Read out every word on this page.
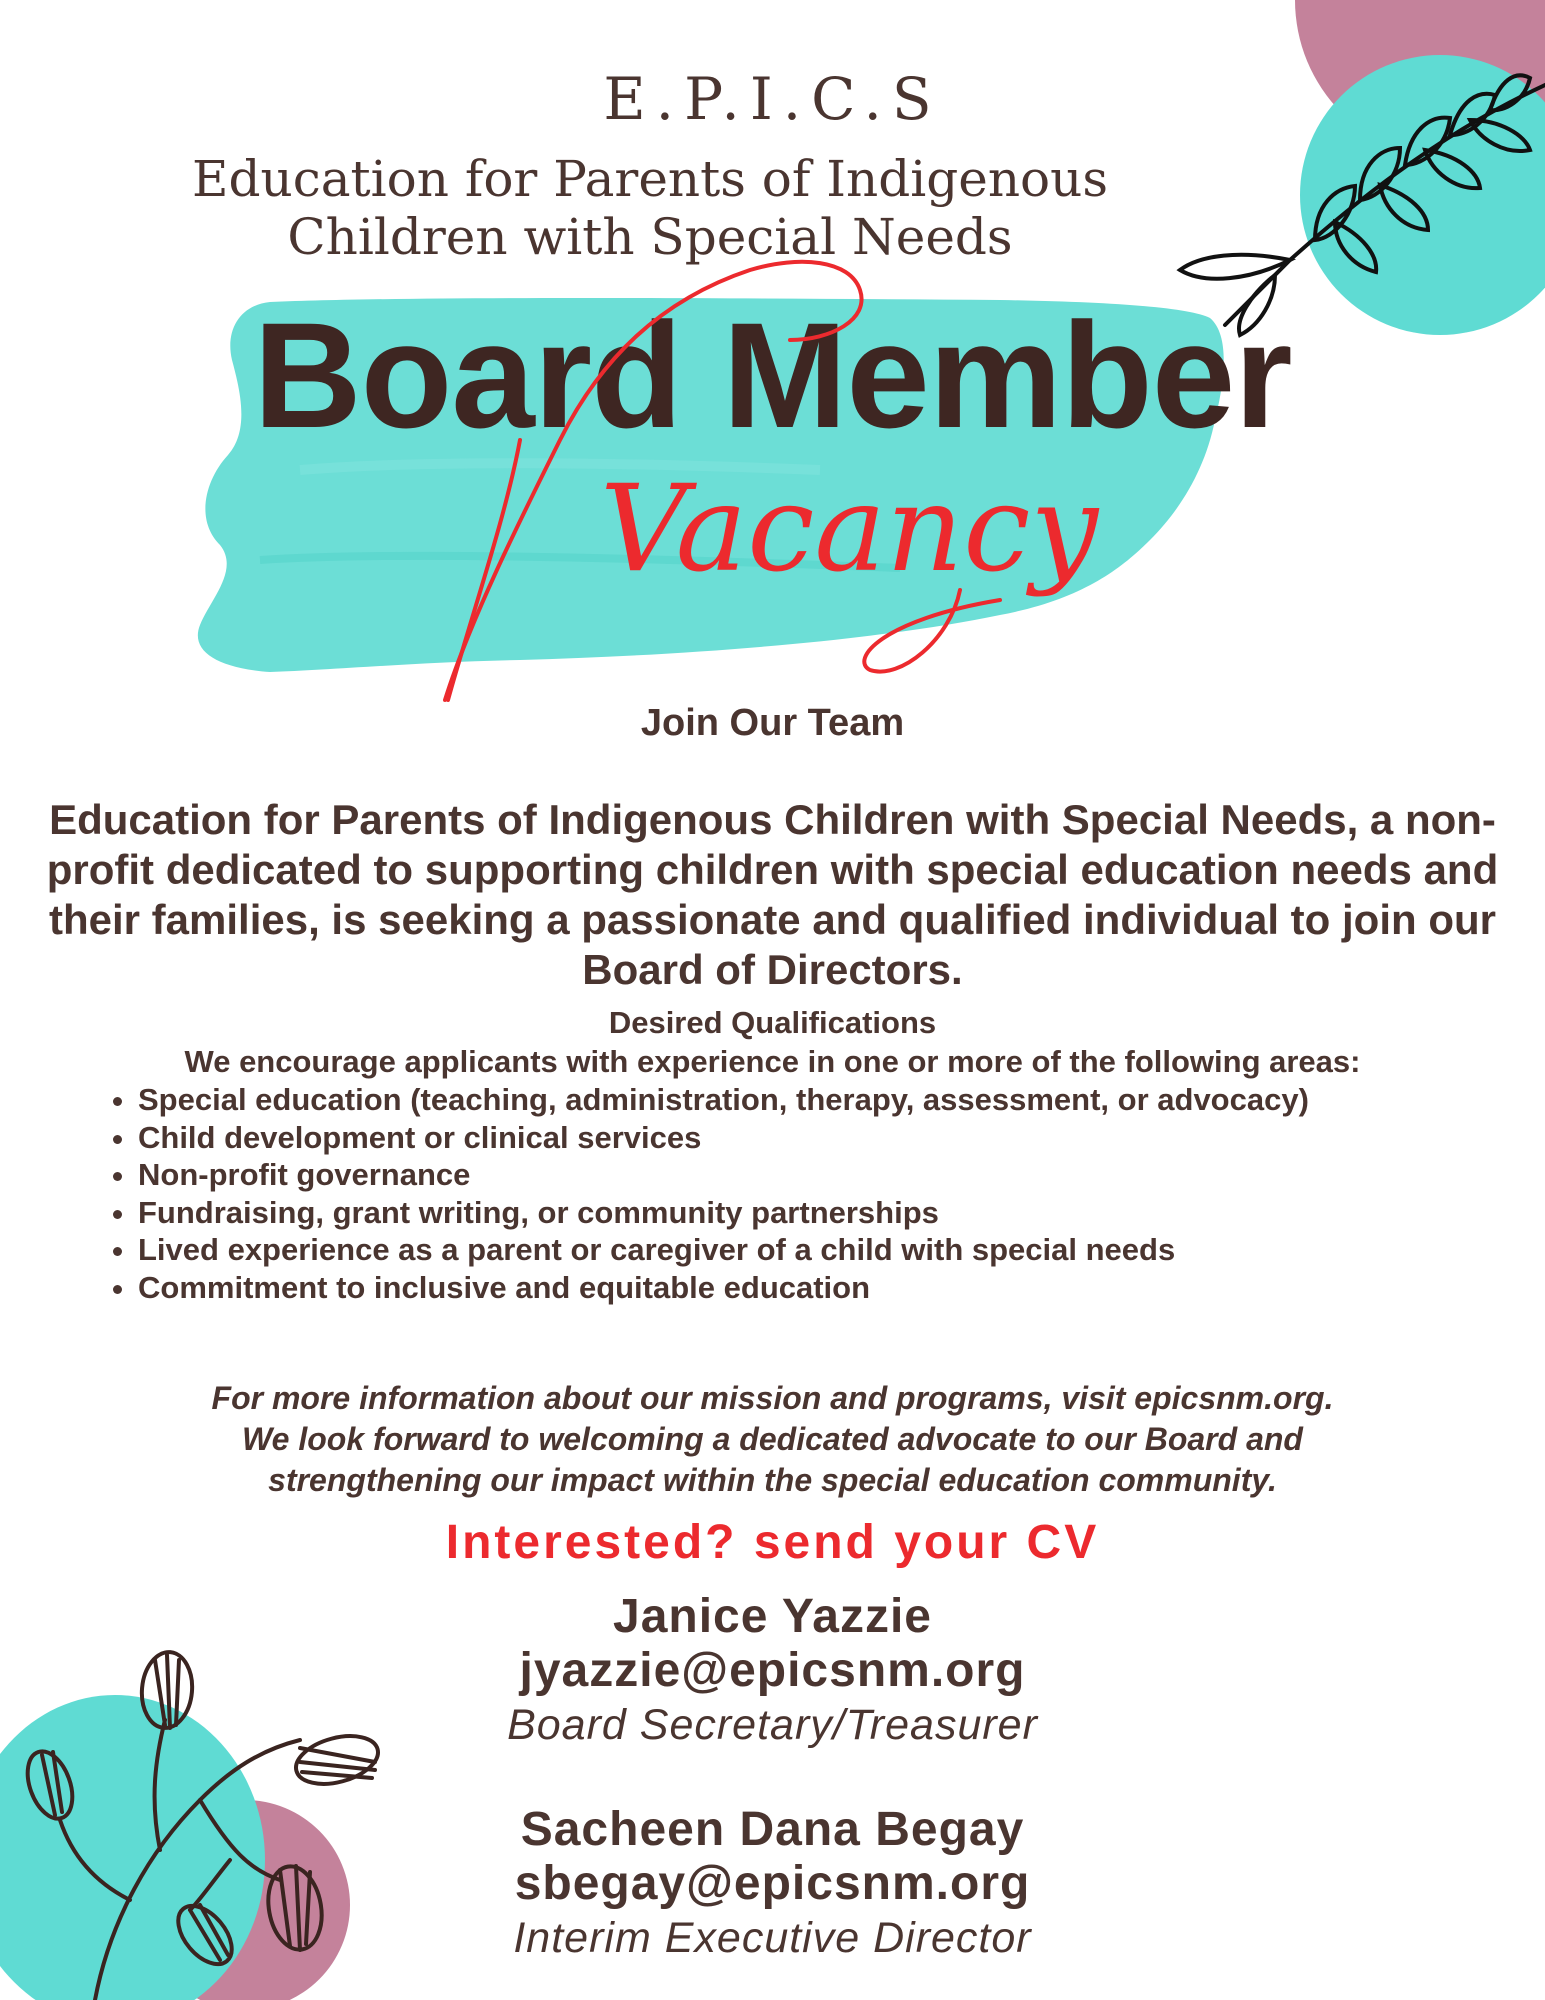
E.P.I.C.S
Education for Parents of Indigenous
Children with Special Needs
Board Member
Vacancy
Join Our Team
Education for Parents of Indigenous Children with Special Needs, a non-profit dedicated to supporting children with special education needs and their families, is seeking a passionate and qualified individual to join our Board of Directors.
Desired Qualifications
We encourage applicants with experience in one or more of the following areas:
• Special education (teaching, administration, therapy, assessment, or advocacy)
• Child development or clinical services
• Non-profit governance
• Fundraising, grant writing, or community partnerships
• Lived experience as a parent or caregiver of a child with special needs
• Commitment to inclusive and equitable education
For more information about our mission and programs, visit epicsnm.org.
We look forward to welcoming a dedicated advocate to our Board and
strengthening our impact within the special education community.
Interested? send your CV
Janice Yazzie
jyazzie@epicsnm.org
Board Secretary/Treasurer
Sacheen Dana Begay
sbegay@epicsnm.org
Interim Executive Director
